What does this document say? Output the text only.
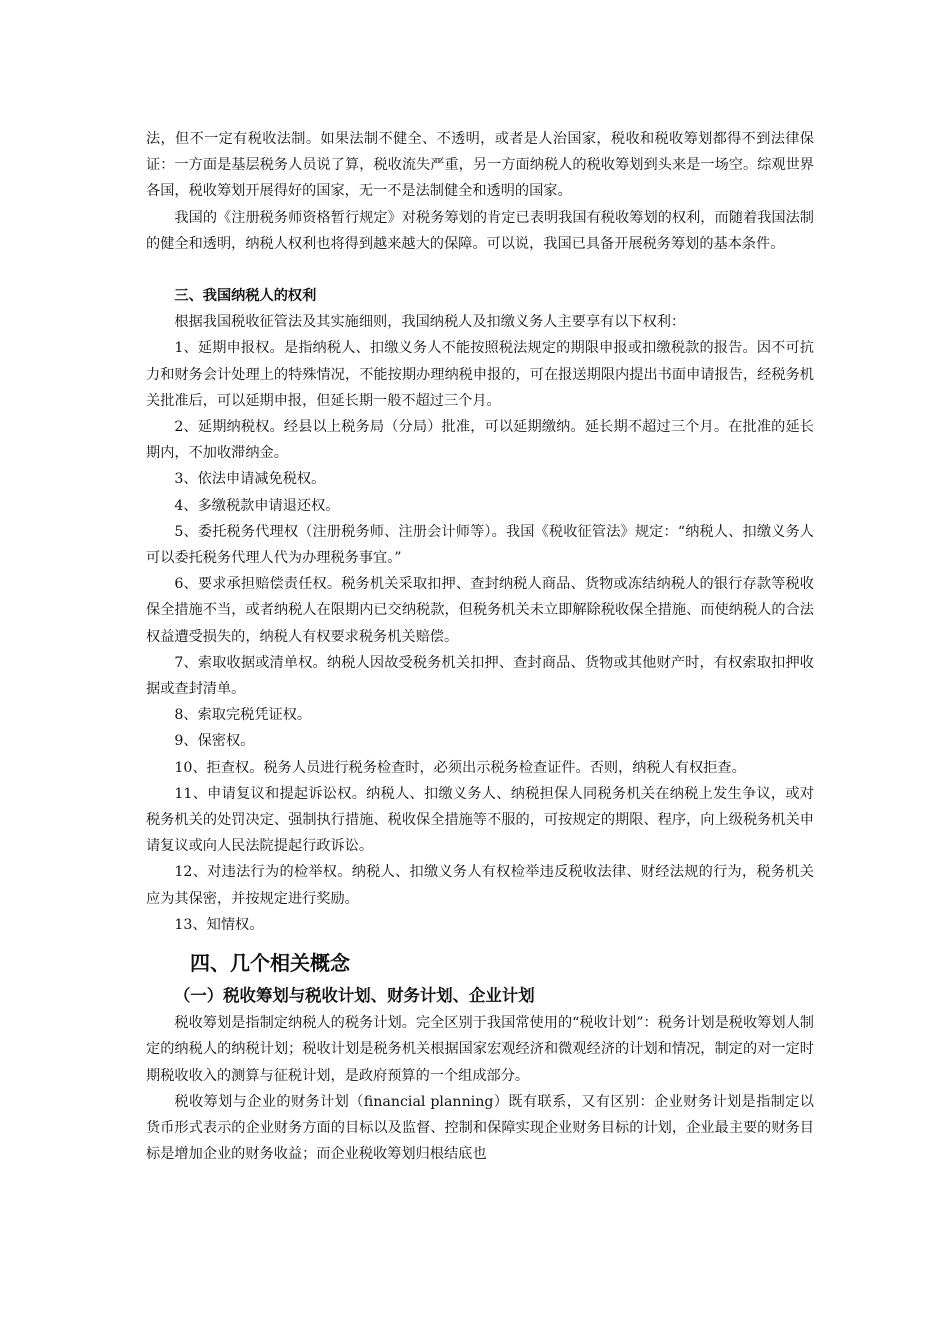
法，但不一定有税收法制。如果法制不健全、不透明，或者是人治国家，税收和税收筹划都得不到法律保证：一方面是基层税务人员说了算，税收流失严重，另一方面纳税人的税收筹划到头来是一场空。综观世界各国，税收筹划开展得好的国家，无一不是法制健全和透明的国家。

我国的《注册税务师资格暂行规定》对税务筹划的肯定已表明我国有税收筹划的权利，而随着我国法制的健全和透明，纳税人权利也将得到越来越大的保障。可以说，我国已具备开展税务筹划的基本条件。

三、我国纳税人的权利

根据我国税收征管法及其实施细则，我国纳税人及扣缴义务人主要享有以下权利：

1、延期申报权。是指纳税人、扣缴义务人不能按照税法规定的期限申报或扣缴税款的报告。因不可抗力和财务会计处理上的特殊情况，不能按期办理纳税申报的，可在报送期限内提出书面申请报告，经税务机关批准后，可以延期申报，但延长期一般不超过三个月。

2、延期纳税权。经县以上税务局（分局）批准，可以延期缴纳。延长期不超过三个月。在批准的延长期内，不加收滞纳金。

3、依法申请减免税权。

4、多缴税款申请退还权。

5、委托税务代理权（注册税务师、注册会计师等）。我国《税收征管法》规定：“纳税人、扣缴义务人可以委托税务代理人代为办理税务事宜。”

6、要求承担赔偿责任权。税务机关采取扣押、查封纳税人商品、货物或冻结纳税人的银行存款等税收保全措施不当，或者纳税人在限期内已交纳税款，但税务机关未立即解除税收保全措施、而使纳税人的合法权益遭受损失的，纳税人有权要求税务机关赔偿。

7、索取收据或清单权。纳税人因故受税务机关扣押、查封商品、货物或其他财产时，有权索取扣押收据或查封清单。

8、索取完税凭证权。

9、保密权。

10、拒查权。税务人员进行税务检查时，必须出示税务检查证件。否则，纳税人有权拒查。

11、申请复议和提起诉讼权。纳税人、扣缴义务人、纳税担保人同税务机关在纳税上发生争议，或对税务机关的处罚决定、强制执行措施、税收保全措施等不服的，可按规定的期限、程序，向上级税务机关申请复议或向人民法院提起行政诉讼。

12、对违法行为的检举权。纳税人、扣缴义务人有权检举违反税收法律、财经法规的行为，税务机关应为其保密，并按规定进行奖励。

13、知情权。

四、几个相关概念
（一）税收筹划与税收计划、财务计划、企业计划

税收筹划是指制定纳税人的税务计划。完全区别于我国常使用的“税收计划”：税务计划是税收筹划人制定的纳税人的纳税计划；税收计划是税务机关根据国家宏观经济和微观经济的计划和情况，制定的对一定时期税收收入的测算与征税计划，是政府预算的一个组成部分。

税收筹划与企业的财务计划（financial planning）既有联系，又有区别：企业财务计划是指制定以货币形式表示的企业财务方面的目标以及监督、控制和保障实现企业财务目标的计划，企业最主要的财务目标是增加企业的财务收益；而企业税收筹划归根结底也
